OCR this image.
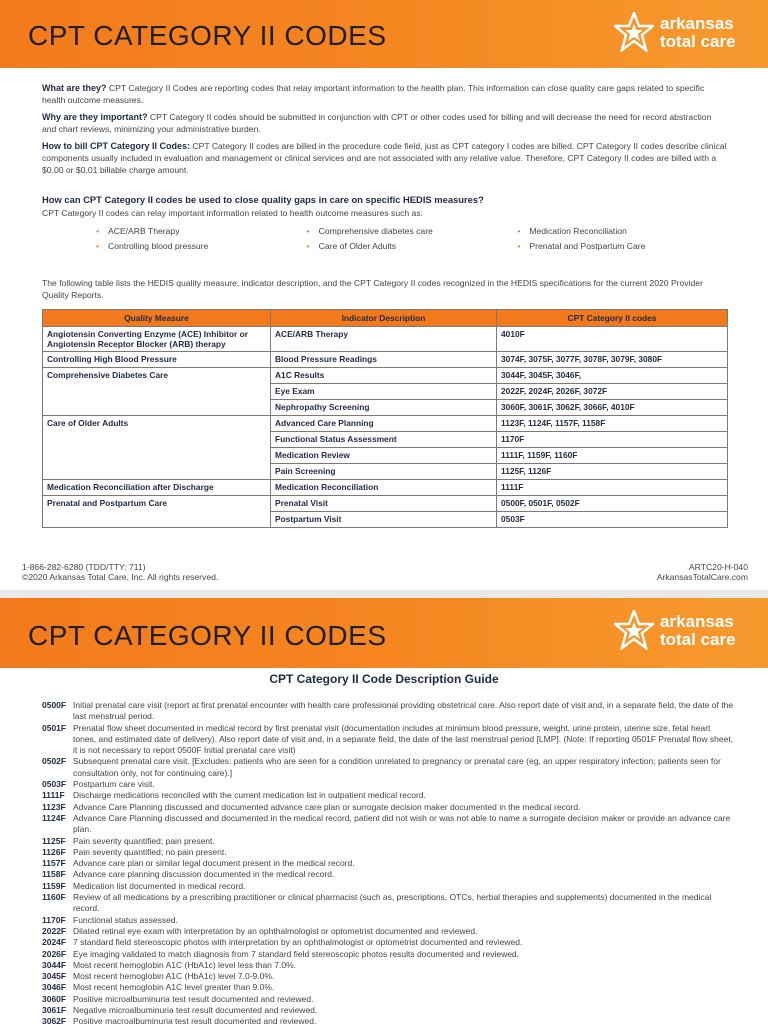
CPT CATEGORY II CODES	arkansas
total care

What are they? CPT Category II Codes are reporting codes that relay important information to the health plan. This information can close quality care gaps related to specific health outcome measures.

Why are they important? CPT Category II codes should be submitted in conjunction with CPT or other codes used for billing and will decrease the need for record abstraction and chart reviews, minimizing your administrative burden.

How to bill CPT Category II Codes: CPT Category II codes are billed in the procedure code field, just as CPT category I codes are billed. CPT Category II codes describe clinical components usually included in evaluation and management or clinical services and are not associated with any relative value. Therefore, CPT Category II codes are billed with a $0.00 or $0.01 billable charge amount.

How can CPT Category II codes be used to close quality gaps in care on specific HEDIS measures?

CPT Category II codes can relay important information related to health outcome measures such as:

• ACE/ARB Therapy
• Controlling blood pressure
• Comprehensive diabetes care
• Care of Older Adults
• Medication Reconciliation
• Prenatal and Postpartum Care

The following table lists the HEDIS quality measure, indicator description, and the CPT Category II codes recognized in the HEDIS specifications for the current 2020 Provider Quality Reports.

Quality Measure	Indicator Description	CPT Category II codes
Angiotensin Converting Enzyme (ACE) Inhibitor or Angiotensin Receptor Blocker (ARB) therapy	ACE/ARB Therapy	4010F
Controlling High Blood Pressure	Blood Pressure Readings	3074F, 3075F, 3077F, 3078F, 3079F, 3080F
Comprehensive Diabetes Care	A1C Results	3044F, 3045F, 3046F,
	Eye Exam	2022F, 2024F, 2026F, 3072F
	Nephropathy Screening	3060F, 3061F, 3062F, 3066F, 4010F
Care of Older Adults	Advanced Care Planning	1123F, 1124F, 1157F, 1158F
	Functional Status Assessment	1170F
	Medication Review	1111F, 1159F, 1160F
	Pain Screening	1125F, 1126F
Medication Reconciliation after Discharge	Medication Reconciliation	1111F
Prenatal and Postpartum Care	Prenatal Visit	0500F, 0501F, 0502F
	Postpartum Visit	0503F
1-866-282-6280 (TDD/TTY: 711)
©2020 Arkansas Total Care, Inc. All rights reserved.
ARTC20-H-040
ArkansasTotalCare.com
CPT CATEGORY II CODES	arkansas
total care
CPT Category II Code Description Guide
0500F Initial prenatal care visit (report at first prenatal encounter with health care professional providing obstetrical care. Also report date of visit and, in a separate field, the date of the last menstrual period.
0501F Prenatal flow sheet documented in medical record by first prenatal visit (documentation includes at minimum blood pressure, weight, urine protein, uterine size, fetal heart tones, and estimated date of delivery). Also report date of visit and, in a separate field, the date of the last menstrual period [LMP]. (Note: If reporting 0501F Prenatal flow sheet, it is not necessary to report 0500F Initial prenatal care visit)
0502F Subsequent prenatal care visit. [Excludes: patients who are seen for a condition unrelated to pregnancy or prenatal care (eg, an upper respiratory infection; patients seen for consultation only, not for continuing care).]
0503F Postpartum care visit.
1111F Discharge medications reconciled with the current medication list in outpatient medical record.
1123F Advance Care Planning discussed and documented advance care plan or surrogate decision maker documented in the medical record.
1124F Advance Care Planning discussed and documented in the medical record, patient did not wish or was not able to name a surrogate decision maker or provide an advance care plan.
1125F Pain severity quantified; pain present.
1126F Pain severity quantified; no pain present.
1157F Advance care plan or similar legal document present in the medical record.
1158F Advance care planning discussion documented in the medical record.
1159F Medication list documented in medical record.
1160F Review of all medications by a prescribing practitioner or clinical pharmacist (such as, prescriptions, OTCs, herbal therapies and supplements) documented in the medical record.
1170F Functional status assessed.
2022F Dilated retinal eye exam with interpretation by an ophthalmologist or optometrist documented and reviewed.
2024F 7 standard field stereoscopic photos with interpretation by an ophthalmologist or optometrist documented and reviewed.
2026F Eye imaging validated to match diagnosis from 7 standard field stereoscopic photos results documented and reviewed.
3044F Most recent hemoglobin A1C (HbA1c) level less than 7.0%.
3045F Most recent hemoglobin A1C (HbA1c) level 7.0-9.0%.
3046F Most recent hemoglobin A1C level greater than 9.0%.
3060F Positive microalbuminuria test result documented and reviewed.
3061F Negative microalbuminuria test result documented and reviewed.
3062F Positive macroalbuminuria test result documented and reviewed.
